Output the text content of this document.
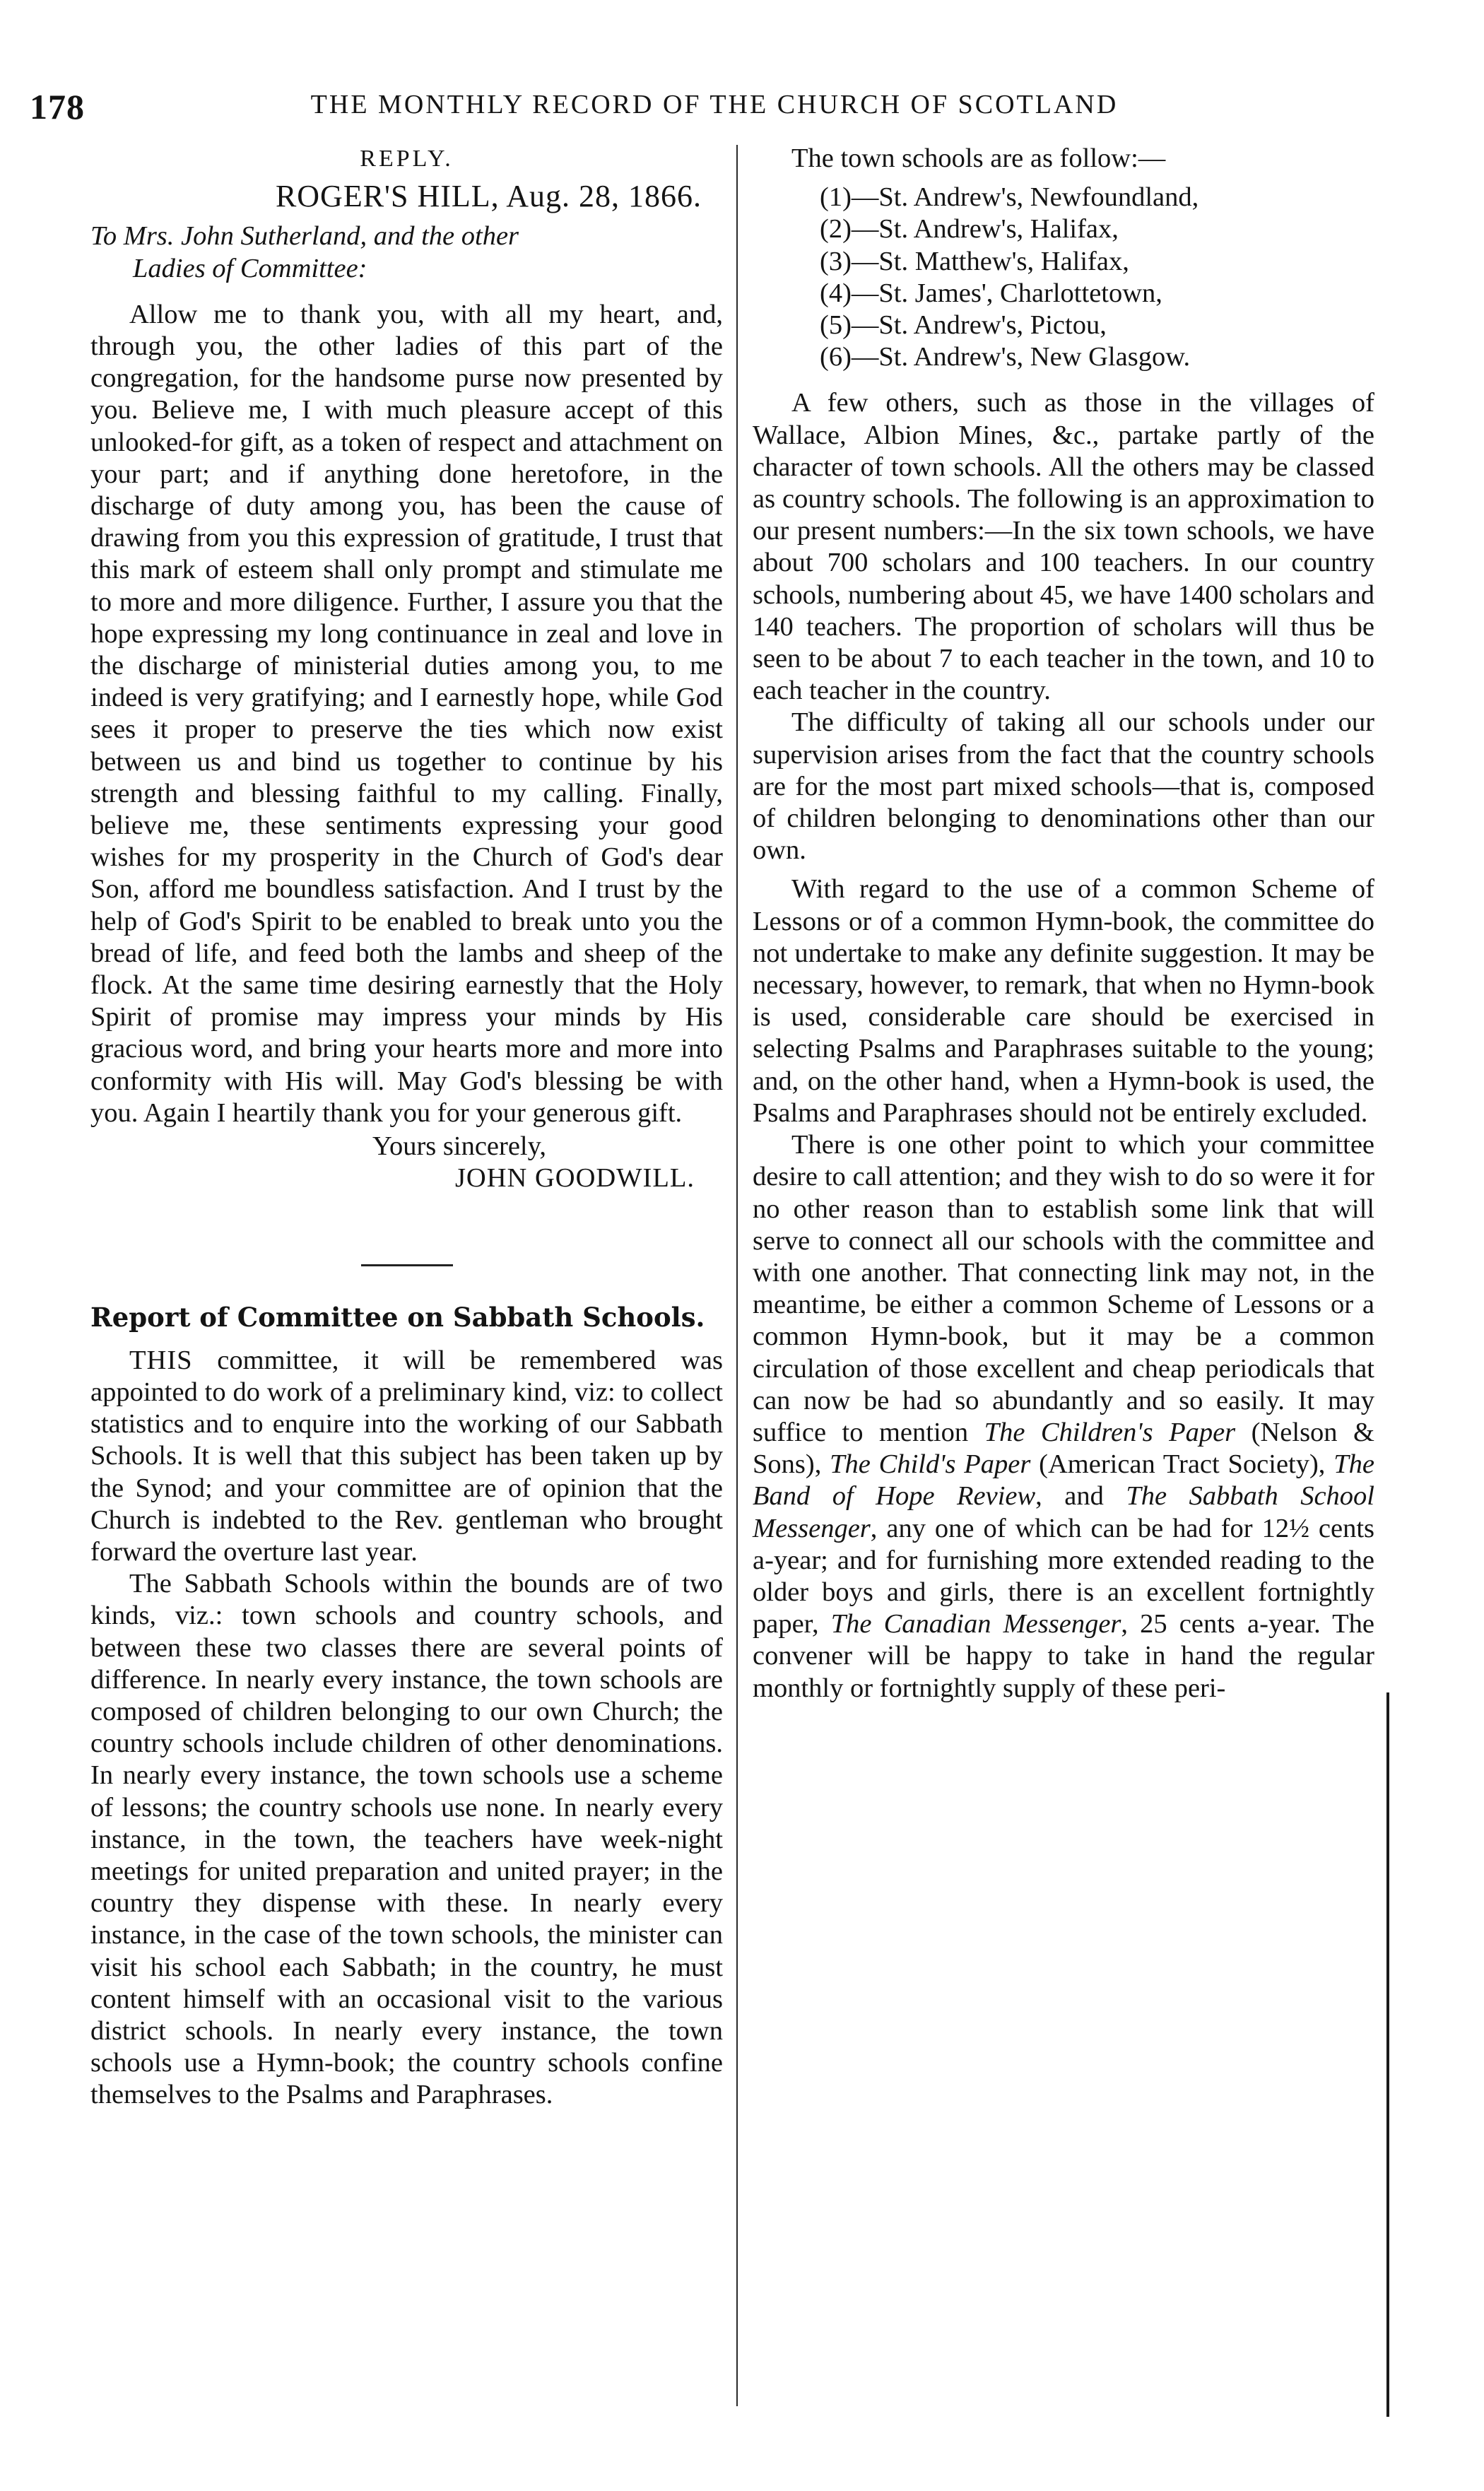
178	THE MONTHLY RECORD OF THE CHURCH OF SCOTLAND
REPLY.
ROGER'S HILL, Aug. 28, 1866.
To Mrs. John Sutherland, and the other
Ladies of Committee:

Allow me to thank you, with all my heart, and, through you, the other ladies of this part of the congregation, for the handsome purse now presented by you. Believe me, I with much pleasure accept of this unlooked-for gift, as a token of respect and attachment on your part; and if anything done heretofore, in the discharge of duty among you, has been the cause of drawing from you this expression of gratitude, I trust that this mark of esteem shall only prompt and stimulate me to more and more diligence. Further, I assure you that the hope expressing my long continuance in zeal and love in the discharge of ministerial duties among you, to me indeed is very gratifying; and I earnestly hope, while God sees it proper to preserve the ties which now exist between us and bind us together to continue by his strength and blessing faithful to my calling. Finally, believe me, these sentiments expressing your good wishes for my prosperity in the Church of God's dear Son, afford me boundless satisfaction. And I trust by the help of God's Spirit to be enabled to break unto you the bread of life, and feed both the lambs and sheep of the flock. At the same time desiring earnestly that the Holy Spirit of promise may impress your minds by His gracious word, and bring your hearts more and more into conformity with His will. May God's blessing be with you. Again I heartily thank you for your generous gift.

Yours sincerely,
JOHN GOODWILL.
Report of Committee on Sabbath Schools.

THIS committee, it will be remembered was appointed to do work of a preliminary kind, viz: to collect statistics and to enquire into the working of our Sabbath Schools. It is well that this subject has been taken up by the Synod; and your committee are of opinion that the Church is indebted to the Rev. gentleman who brought forward the overture last year.

The Sabbath Schools within the bounds are of two kinds, viz.: town schools and country schools, and between these two classes there are several points of difference. In nearly every instance, the town schools are composed of children belonging to our own Church; the country schools include children of other denominations. In nearly every instance, the town schools use a scheme of lessons; the country schools use none. In nearly every instance, in the town, the teachers have week-night meetings for united preparation and united prayer; in the country they dispense with these. In nearly every instance, in the case of the town schools, the minister can visit his school each Sabbath; in the country, he must content himself with an occasional visit to the various district schools. In nearly every instance, the town schools use a Hymn-book; the country schools confine themselves to the Psalms and Paraphrases.

The town schools are as follow:—

(1)—St. Andrew's, Newfoundland,
(2)—St. Andrew's, Halifax,
(3)—St. Matthew's, Halifax,
(4)—St. James', Charlottetown,
(5)—St. Andrew's, Pictou,
(6)—St. Andrew's, New Glasgow.

A few others, such as those in the villages of Wallace, Albion Mines, &c., partake partly of the character of town schools. All the others may be classed as country schools. The following is an approximation to our present numbers:—In the six town schools, we have about 700 scholars and 100 teachers. In our country schools, numbering about 45, we have 1400 scholars and 140 teachers. The proportion of scholars will thus be seen to be about 7 to each teacher in the town, and 10 to each teacher in the country.

The difficulty of taking all our schools under our supervision arises from the fact that the country schools are for the most part mixed schools—that is, composed of children belonging to denominations other than our own.

With regard to the use of a common Scheme of Lessons or of a common Hymn-book, the committee do not undertake to make any definite suggestion. It may be necessary, however, to remark, that when no Hymn-book is used, considerable care should be exercised in selecting Psalms and Paraphrases suitable to the young; and, on the other hand, when a Hymn-book is used, the Psalms and Paraphrases should not be entirely excluded.

There is one other point to which your committee desire to call attention; and they wish to do so were it for no other reason than to establish some link that will serve to connect all our schools with the committee and with one another. That connecting link may not, in the meantime, be either a common Scheme of Lessons or a common Hymn-book, but it may be a common circulation of those excellent and cheap periodicals that can now be had so abundantly and so easily. It may suffice to mention The Children's Paper (Nelson & Sons), The Child's Paper (American Tract Society), The Band of Hope Review, and The Sabbath School Messenger, any one of which can be had for 12½ cents a-year; and for furnishing more extended reading to the older boys and girls, there is an excellent fortnightly paper, The Canadian Messenger, 25 cents a-year. The convener will be happy to take in hand the regular monthly or fortnightly supply of these peri-
